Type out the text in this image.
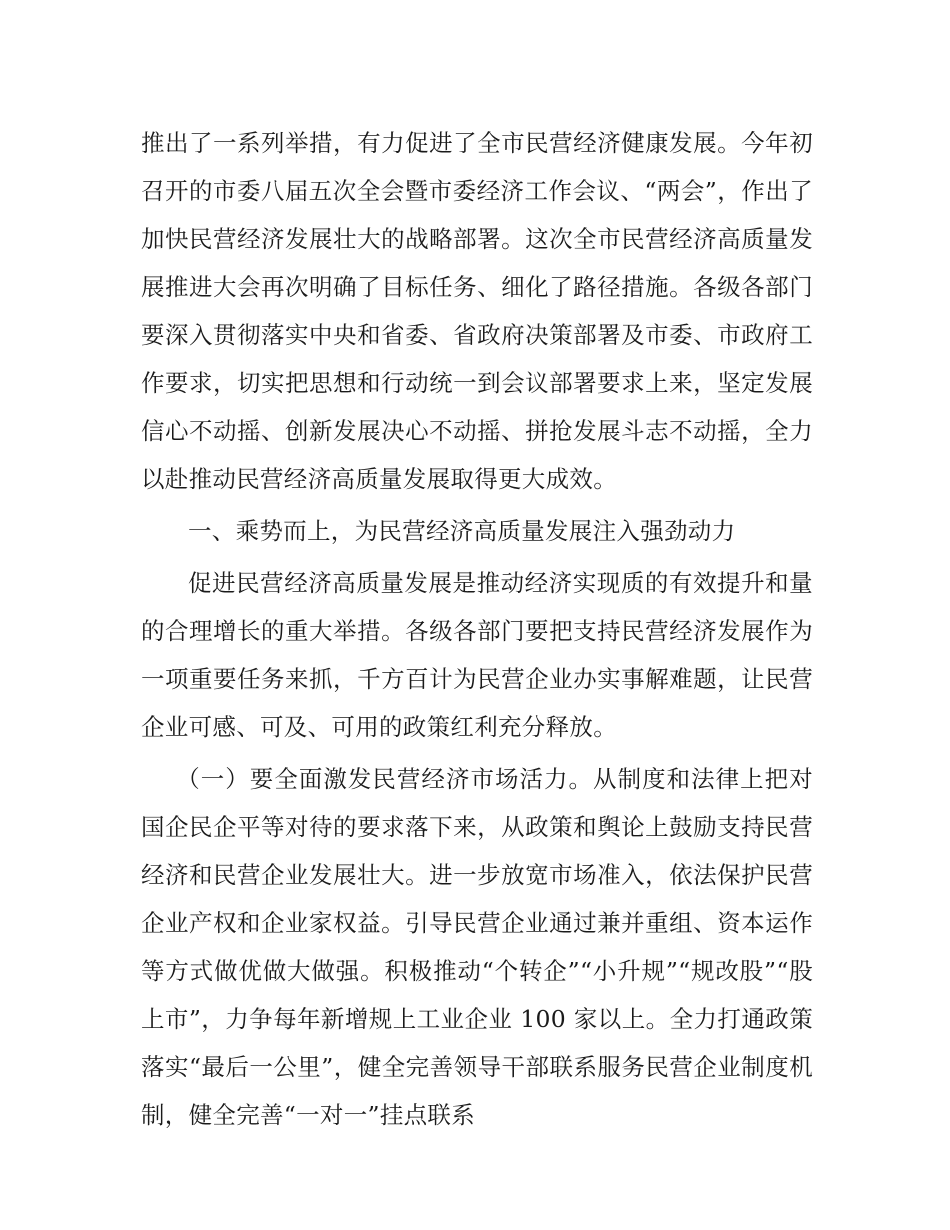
推出了一系列举措，有力促进了全市民营经济健康发展。今年初召开的市委八届五次全会暨市委经济工作会议、“两会”，作出了加快民营经济发展壮大的战略部署。这次全市民营经济高质量发展推进大会再次明确了目标任务、细化了路径措施。各级各部门要深入贯彻落实中央和省委、省政府决策部署及市委、市政府工作要求，切实把思想和行动统一到会议部署要求上来，坚定发展信心不动摇、创新发展决心不动摇、拼抢发展斗志不动摇，全力以赴推动民营经济高质量发展取得更大成效。

一、乘势而上，为民营经济高质量发展注入强劲动力

促进民营经济高质量发展是推动经济实现质的有效提升和量的合理增长的重大举措。各级各部门要把支持民营经济发展作为一项重要任务来抓，千方百计为民营企业办实事解难题，让民营企业可感、可及、可用的政策红利充分释放。

（一）要全面激发民营经济市场活力。从制度和法律上把对国企民企平等对待的要求落下来，从政策和舆论上鼓励支持民营经济和民营企业发展壮大。进一步放宽市场准入，依法保护民营企业产权和企业家权益。引导民营企业通过兼并重组、资本运作等方式做优做大做强。积极推动“个转企”“小升规”“规改股”“股上市”，力争每年新增规上工业企业 100 家以上。全力打通政策落实“最后一公里”，健全完善领导干部联系服务民营企业制度机制，健全完善“一对一”挂点联系
